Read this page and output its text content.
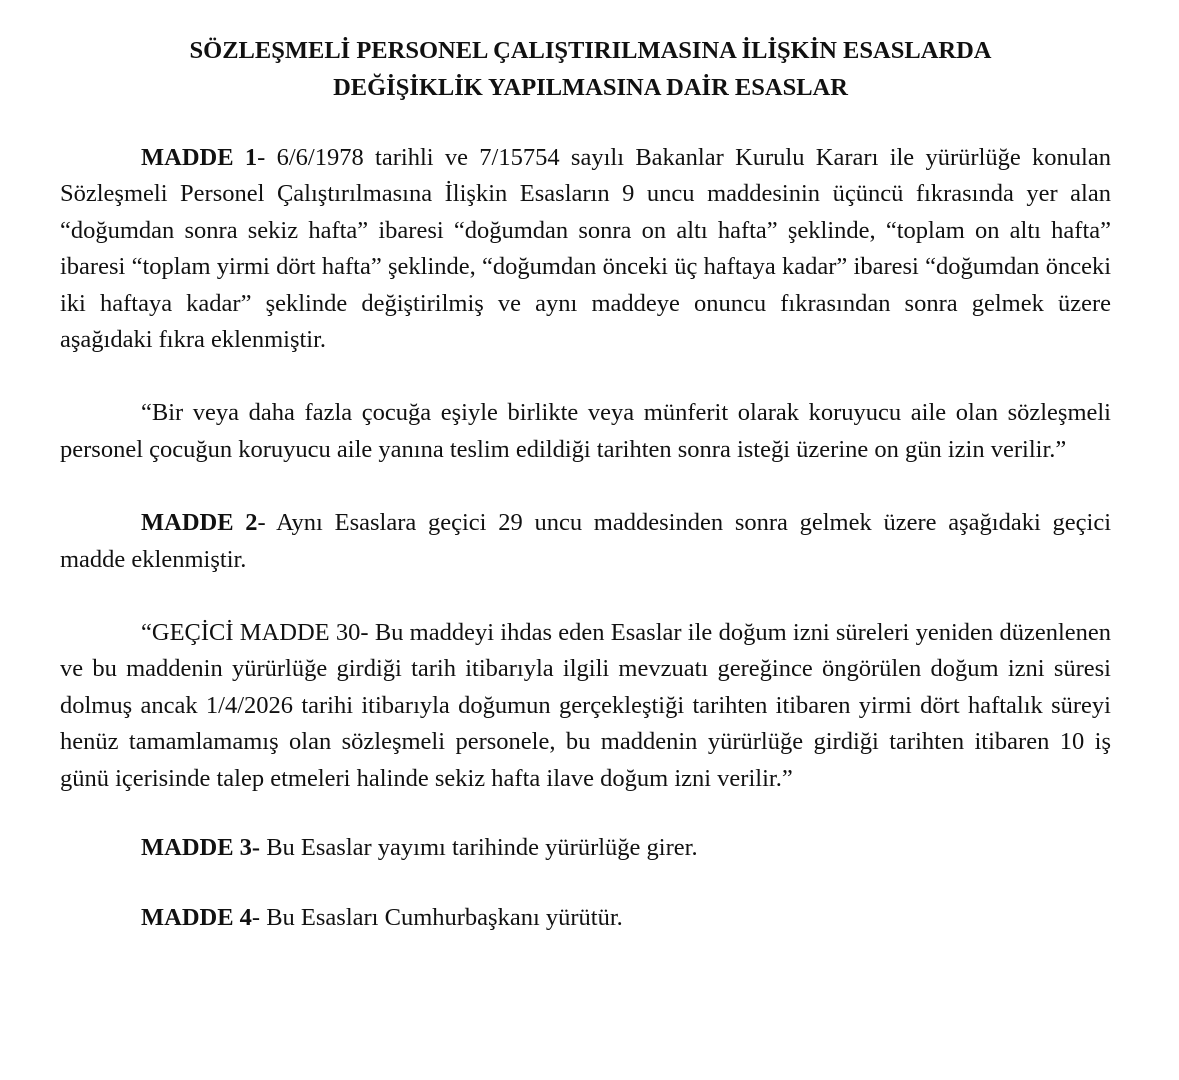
SÖZLEŞMELİ PERSONEL ÇALIŞTIRILMASINA İLİŞKİN ESASLARDA
DEĞİŞİKLİK YAPILMASINA DAİR ESASLAR

MADDE 1- 6/6/1978 tarihli ve 7/15754 sayılı Bakanlar Kurulu Kararı ile yürürlüğe konulan Sözleşmeli Personel Çalıştırılmasına İlişkin Esasların 9 uncu maddesinin üçüncü fıkrasında yer alan “doğumdan sonra sekiz hafta” ibaresi “doğumdan sonra on altı hafta” şeklinde, “toplam on altı hafta” ibaresi “toplam yirmi dört hafta” şeklinde, “doğumdan önceki üç haftaya kadar” ibaresi “doğumdan önceki iki haftaya kadar” şeklinde değiştirilmiş ve aynı maddeye onuncu fıkrasından sonra gelmek üzere aşağıdaki fıkra eklenmiştir.

“Bir veya daha fazla çocuğa eşiyle birlikte veya münferit olarak koruyucu aile olan sözleşmeli personel çocuğun koruyucu aile yanına teslim edildiği tarihten sonra isteği üzerine on gün izin verilir.”

MADDE 2- Aynı Esaslara geçici 29 uncu maddesinden sonra gelmek üzere aşağıdaki geçici madde eklenmiştir.

“GEÇİCİ MADDE 30- Bu maddeyi ihdas eden Esaslar ile doğum izni süreleri yeniden düzenlenen ve bu maddenin yürürlüğe girdiği tarih itibarıyla ilgili mevzuatı gereğince öngörülen doğum izni süresi dolmuş ancak 1/4/2026 tarihi itibarıyla doğumun gerçekleştiği tarihten itibaren yirmi dört haftalık süreyi henüz tamamlamamış olan sözleşmeli personele, bu maddenin yürürlüğe girdiği tarihten itibaren 10 iş günü içerisinde talep etmeleri halinde sekiz hafta ilave doğum izni verilir.”

MADDE 3- Bu Esaslar yayımı tarihinde yürürlüğe girer.

MADDE 4- Bu Esasları Cumhurbaşkanı yürütür.
